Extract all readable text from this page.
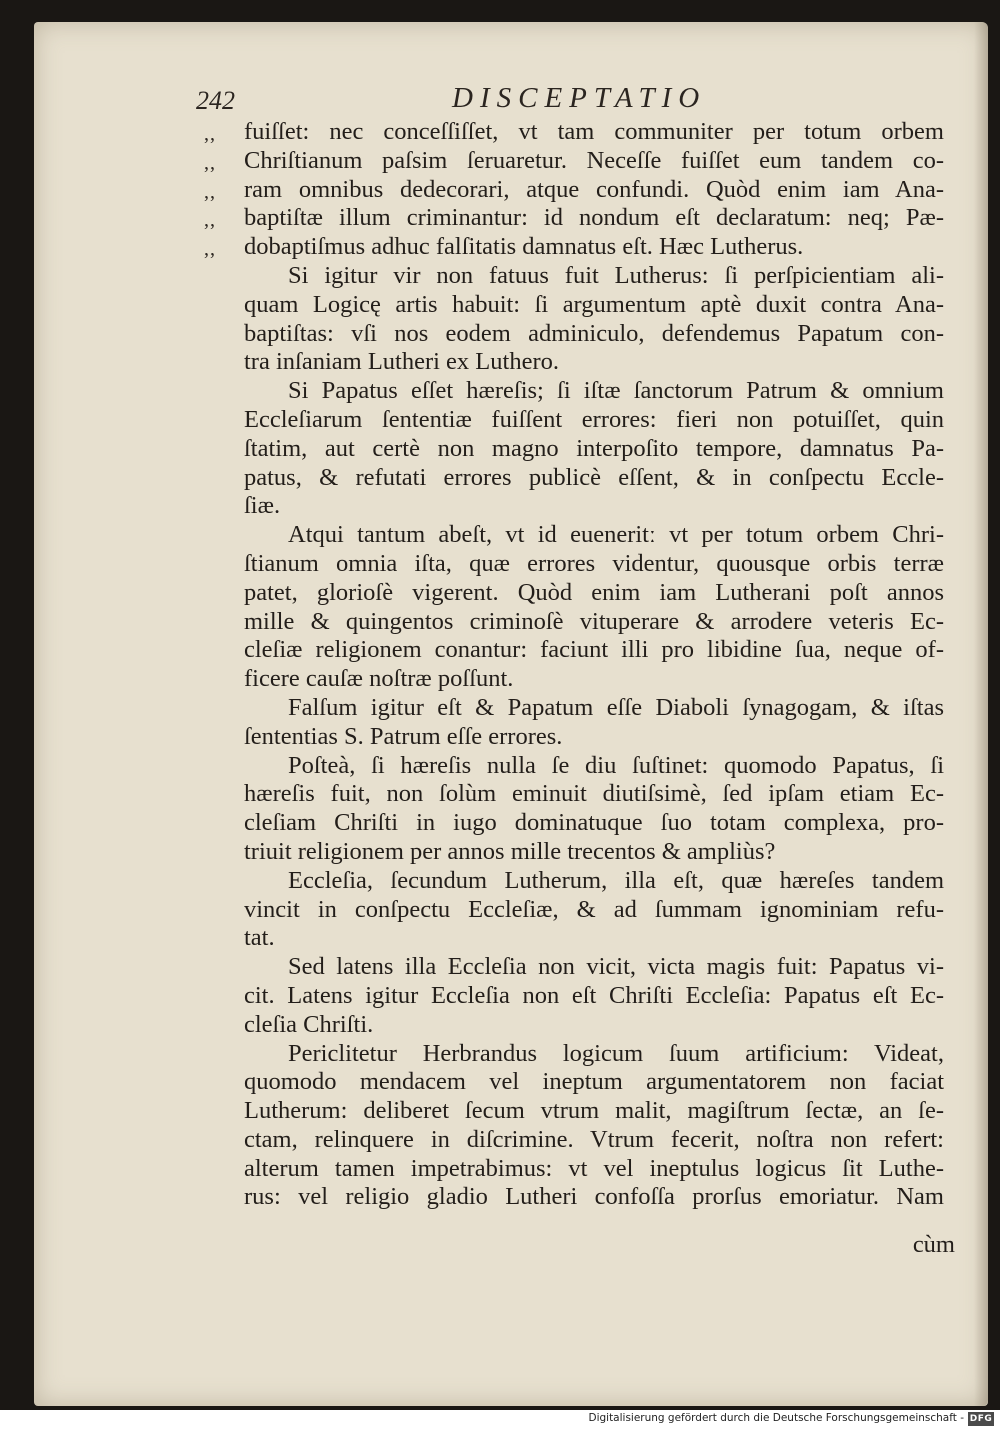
242	DISCEPTATIO
,, fuiſſet: nec conceſſiſſet, vt tam communiter per totum orbem
,, Chriſtianum paſsim ſeruaretur. Neceſſe fuiſſet eum tandem co-
,, ram omnibus dedecorari, atque confundi. Quòd enim iam Ana-
,, baptiſtæ illum criminantur: id nondum eſt declaratum: neq; Pæ-
,, dobaptiſmus adhuc falſitatis damnatus eſt. Hæc Lutherus.
Si igitur vir non fatuus fuit Lutherus: ſi perſpicientiam ali-
quam Logicę artis habuit: ſi argumentum aptè duxit contra Ana-
baptiſtas: vſi nos eodem adminiculo, defendemus Papatum con-
tra inſaniam Lutheri ex Luthero.
Si Papatus eſſet hæreſis; ſi iſtæ ſanctorum Patrum & omnium
Eccleſiarum ſententiæ fuiſſent errores: fieri non potuiſſet, quin
ſtatim, aut certè non magno interpoſito tempore, damnatus Pa-
patus, & refutati errores publicè eſſent, & in conſpectu Eccle-
ſiæ.
Atqui tantum abeſt, vt id eueneritː vt per totum orbem Chri-
ſtianum omnia iſta, quæ errores videntur, quousque orbis terræ
patet, glorioſè vigerent. Quòd enim iam Lutherani poſt annos
mille & quingentos criminoſè vituperare & arrodere veteris Ec-
cleſiæ religionem conantur: faciunt illi pro libidine ſua, neque of-
ficere cauſæ noſtræ poſſunt.
Falſum igitur eſt & Papatum eſſe Diaboli ſynagogam, & iſtas
ſententias S. Patrum eſſe errores.
Poſteà, ſi hæreſis nulla ſe diu ſuſtinet: quomodo Papatus, ſi
hæreſis fuit, non ſolùm eminuit diutiſsimè, ſed ipſam etiam Ec-
cleſiam Chriſti in iugo dominatuque ſuo totam complexa, pro-
triuit religionem per annos mille trecentos & ampliùs?
Eccleſia, ſecundum Lutherum, illa eſt, quæ hæreſes tandem
vincit in conſpectu Eccleſiæ, & ad ſummam ignominiam refu-
tat.
Sed latens illa Eccleſia non vicit, victa magis fuit: Papatus vi-
cit. Latens igitur Eccleſia non eſt Chriſti Eccleſia: Papatus eſt Ec-
cleſia Chriſti.
Periclitetur Herbrandus logicum ſuum artificium: Videat,
quomodo mendacem vel ineptum argumentatorem non faciat
Lutherum: deliberet ſecum vtrum malit, magiſtrum ſectæ, an ſe-
ctam, relinquere in diſcrimine. Vtrum fecerit, noſtra non refert:
alterum tamen impetrabimus: vt vel ineptulus logicus ſit Luthe-
rus: vel religio gladio Lutheri confoſſa prorſus emoriatur. Nam
cùm
Digitalisierung gefördert durch die Deutsche Forschungsgemeinschaft - DFG
